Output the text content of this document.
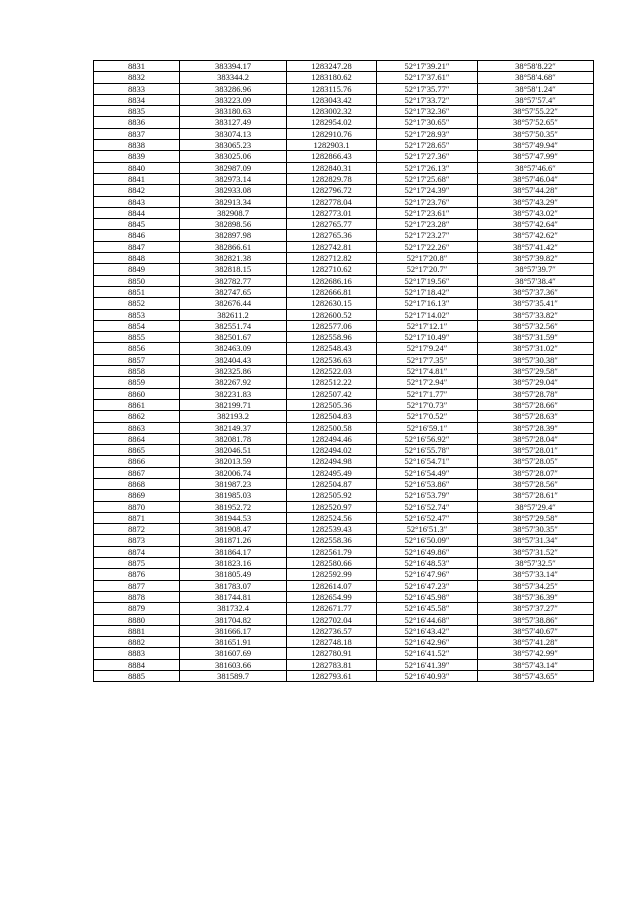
8831	383394.17	1283247.28	52°17′39.21″	38°58′8.22″
8832	383344.2	1283180.62	52°17′37.61″	38°58′4.68″
8833	383286.96	1283115.76	52°17′35.77″	38°58′1.24″
8834	383223.09	1283043.42	52°17′33.72″	38°57′57.4″
8835	383180.63	1283002.32	52°17′32.36″	38°57′55.22″
8836	383127.49	1282954.02	52°17′30.65″	38°57′52.65″
8837	383074.13	1282910.76	52°17′28.93″	38°57′50.35″
8838	383065.23	1282903.1	52°17′28.65″	38°57′49.94″
8839	383025.06	1282866.43	52°17′27.36″	38°57′47.99″
8840	382987.09	1282840.31	52°17′26.13″	38°57′46.6″
8841	382973.14	1282829.78	52°17′25.68″	38°57′46.04″
8842	382933.08	1282796.72	52°17′24.39″	38°57′44.28″
8843	382913.34	1282778.04	52°17′23.76″	38°57′43.29″
8844	382908.7	1282773.01	52°17′23.61″	38°57′43.02″
8845	382898.56	1282765.77	52°17′23.28″	38°57′42.64″
8846	382897.98	1282765.36	52°17′23.27″	38°57′42.62″
8847	382866.61	1282742.81	52°17′22.26″	38°57′41.42″
8848	382821.38	1282712.82	52°17′20.8″	38°57′39.82″
8849	382818.15	1282710.62	52°17′20.7″	38°57′39.7″
8850	382782.77	1282686.16	52°17′19.56″	38°57′38.4″
8851	382747.65	1282666.81	52°17′18.42″	38°57′37.36″
8852	382676.44	1282630.15	52°17′16.13″	38°57′35.41″
8853	382611.2	1282600.52	52°17′14.02″	38°57′33.82″
8854	382551.74	1282577.06	52°17′12.1″	38°57′32.56″
8855	382501.67	1282558.96	52°17′10.49″	38°57′31.59″
8856	382463.09	1282548.43	52°17′9.24″	38°57′31.02″
8857	382404.43	1282536.63	52°17′7.35″	38°57′30.38″
8858	382325.86	1282522.03	52°17′4.81″	38°57′29.58″
8859	382267.92	1282512.22	52°17′2.94″	38°57′29.04″
8860	382231.83	1282507.42	52°17′1.77″	38°57′28.78″
8861	382199.71	1282505.36	52°17′0.73″	38°57′28.66″
8862	382193.2	1282504.83	52°17′0.52″	38°57′28.63″
8863	382149.37	1282500.58	52°16′59.1″	38°57′28.39″
8864	382081.78	1282494.46	52°16′56.92″	38°57′28.04″
8865	382046.51	1282494.02	52°16′55.78″	38°57′28.01″
8866	382013.59	1282494.98	52°16′54.71″	38°57′28.05″
8867	382006.74	1282495.49	52°16′54.49″	38°57′28.07″
8868	381987.23	1282504.87	52°16′53.86″	38°57′28.56″
8869	381985.03	1282505.92	52°16′53.79″	38°57′28.61″
8870	381952.72	1282520.97	52°16′52.74″	38°57′29.4″
8871	381944.53	1282524.56	52°16′52.47″	38°57′29.58″
8872	381908.47	1282539.43	52°16′51.3″	38°57′30.35″
8873	381871.26	1282558.36	52°16′50.09″	38°57′31.34″
8874	381864.17	1282561.79	52°16′49.86″	38°57′31.52″
8875	381823.16	1282580.66	52°16′48.53″	38°57′32.5″
8876	381805.49	1282592.99	52°16′47.96″	38°57′33.14″
8877	381783.07	1282614.07	52°16′47.23″	38°57′34.25″
8878	381744.81	1282654.99	52°16′45.98″	38°57′36.39″
8879	381732.4	1282671.77	52°16′45.58″	38°57′37.27″
8880	381704.82	1282702.04	52°16′44.68″	38°57′38.86″
8881	381666.17	1282736.57	52°16′43.42″	38°57′40.67″
8882	381651.91	1282748.18	52°16′42.96″	38°57′41.28″
8883	381607.69	1282780.91	52°16′41.52″	38°57′42.99″
8884	381603.66	1282783.81	52°16′41.39″	38°57′43.14″
8885	381589.7	1282793.61	52°16′40.93″	38°57′43.65″
